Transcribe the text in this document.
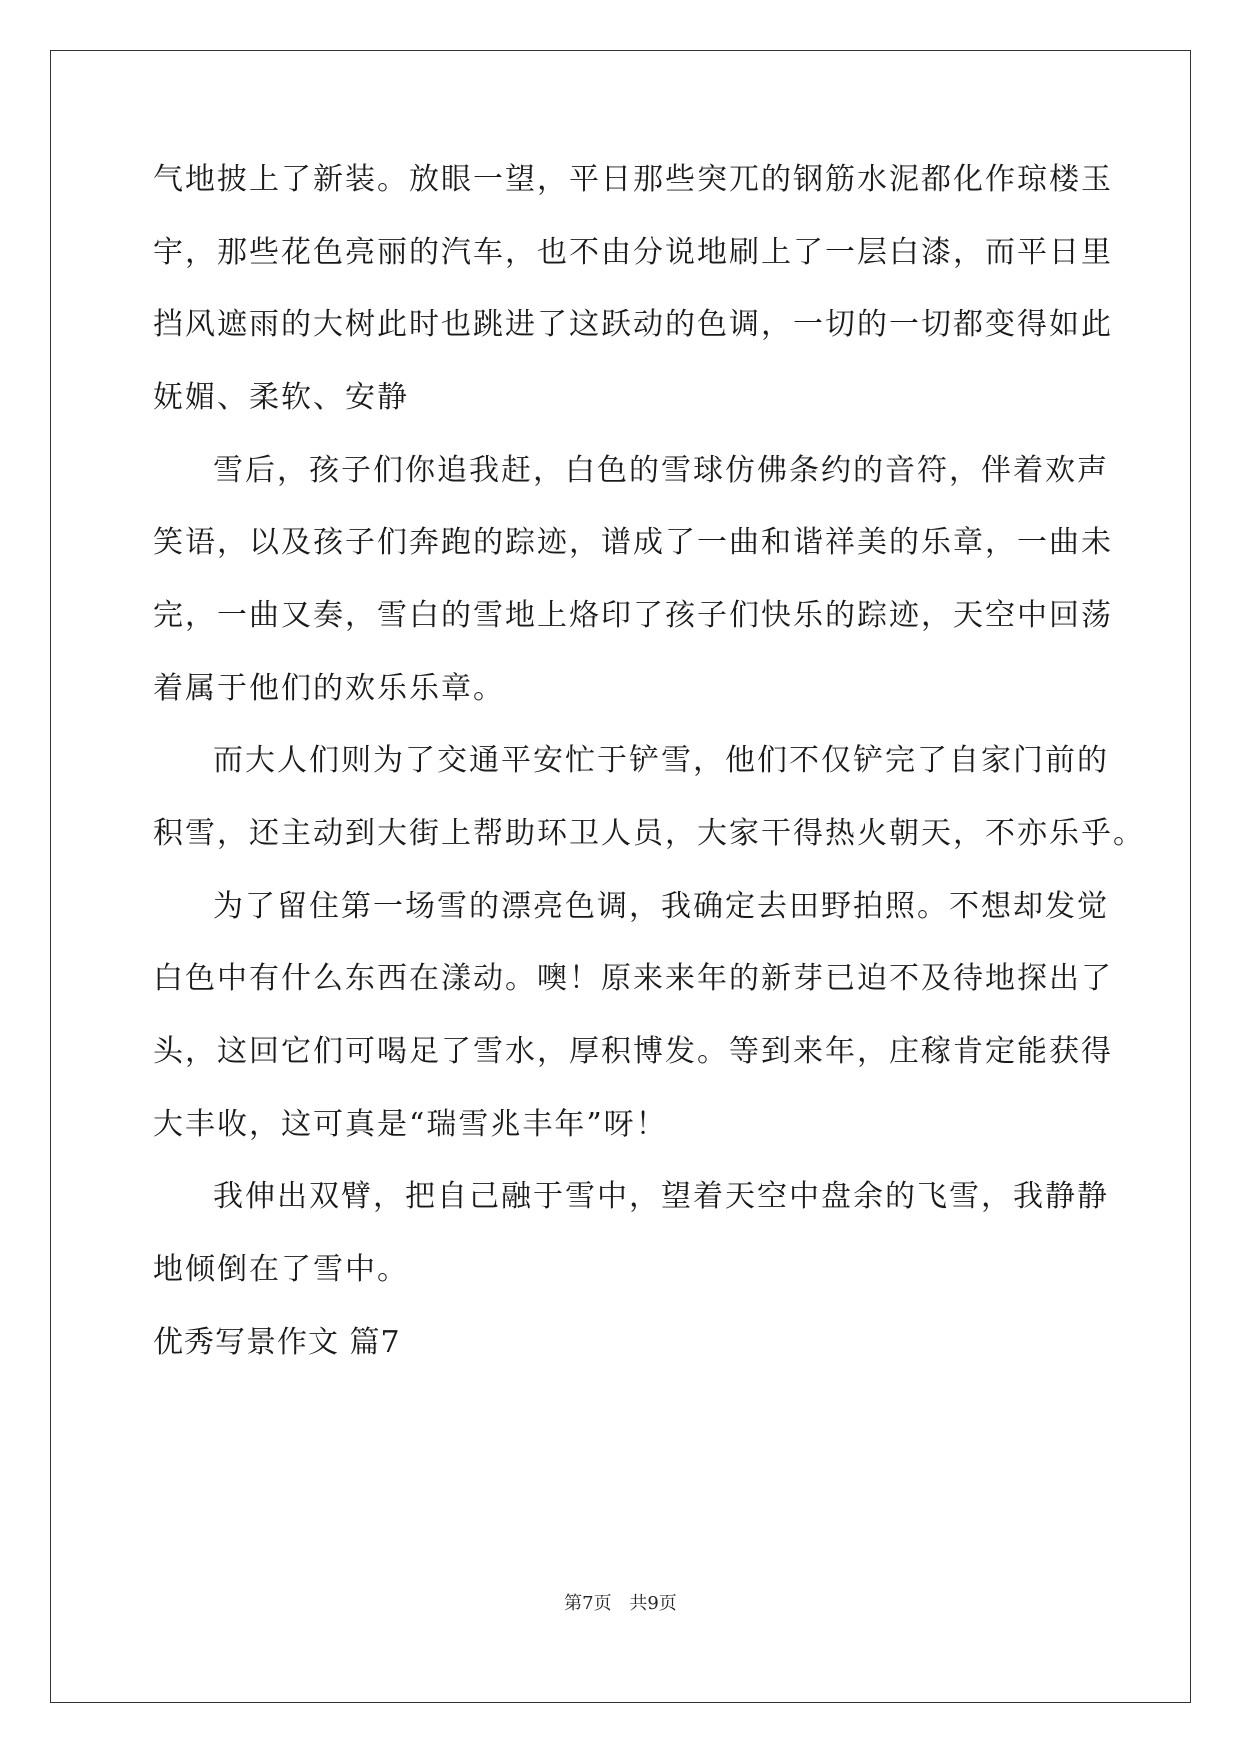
气地披上了新装。放眼一望，平日那些突兀的钢筋水泥都化作琼楼玉

宇，那些花色亮丽的汽车，也不由分说地刷上了一层白漆，而平日里

挡风遮雨的大树此时也跳进了这跃动的色调，一切的一切都变得如此

妩媚、柔软、安静

雪后，孩子们你追我赶，白色的雪球仿佛条约的音符，伴着欢声

笑语，以及孩子们奔跑的踪迹，谱成了一曲和谐祥美的乐章，一曲未

完，一曲又奏，雪白的雪地上烙印了孩子们快乐的踪迹，天空中回荡

着属于他们的欢乐乐章。

而大人们则为了交通平安忙于铲雪，他们不仅铲完了自家门前的

积雪，还主动到大街上帮助环卫人员，大家干得热火朝天，不亦乐乎。

为了留住第一场雪的漂亮色调，我确定去田野拍照。不想却发觉

白色中有什么东西在漾动。噢！原来来年的新芽已迫不及待地探出了

头，这回它们可喝足了雪水，厚积博发。等到来年，庄稼肯定能获得

大丰收，这可真是“瑞雪兆丰年”呀！

我伸出双臂，把自己融于雪中，望着天空中盘余的飞雪，我静静

地倾倒在了雪中。

优秀写景作文 篇7

第7页 共9页
